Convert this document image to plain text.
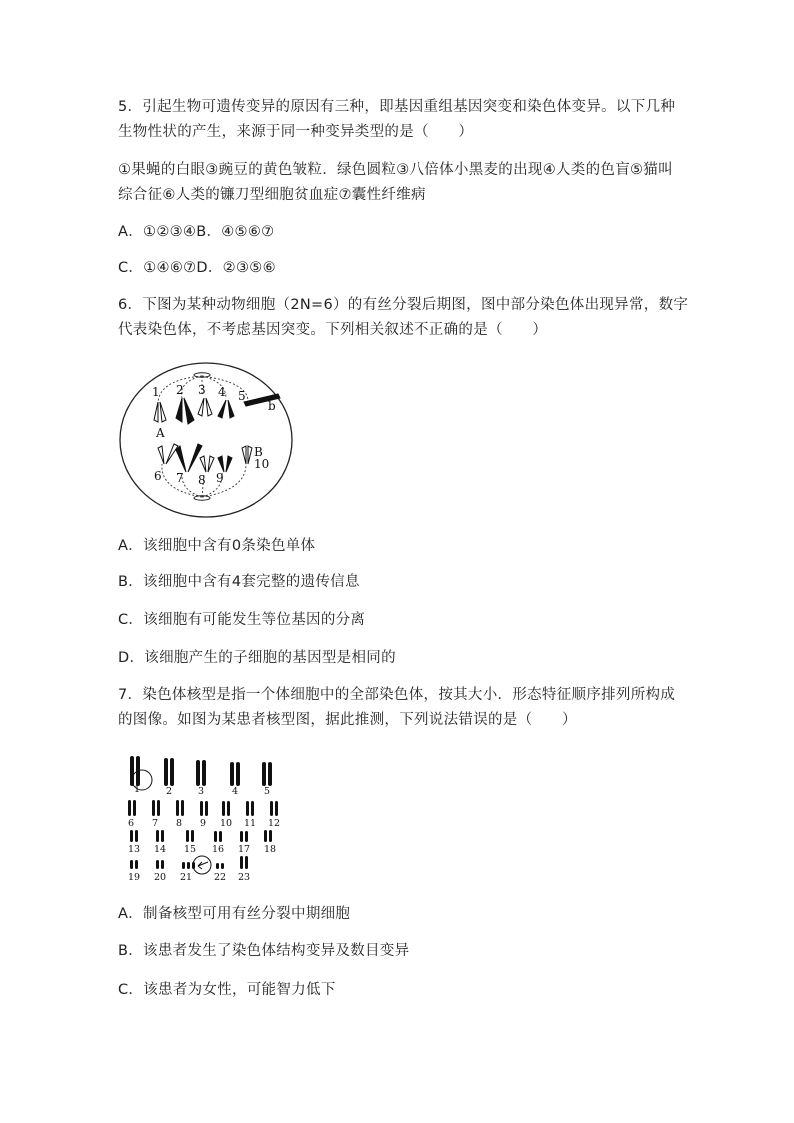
5．引起生物可遗传变异的原因有三种，即基因重组基因突变和染色体变异。以下几种
生物性状的产生，来源于同一种变异类型的是（　　）
①果蝇的白眼③豌豆的黄色皱粒．绿色圆粒③八倍体小黑麦的出现④人类的色盲⑤猫叫
综合征⑥人类的镰刀型细胞贫血症⑦囊性纤维病
A．①②③④B．④⑤⑥⑦
C．①④⑥⑦D．②③⑤⑥
6．下图为某种动物细胞（2N=6）的有丝分裂后期图，图中部分染色体出现异常，数字
代表染色体，不考虑基因突变。下列相关叙述不正确的是（　　）
1 2 3 4 5
6 7 8 9
10
A
B
b
A．该细胞中含有0条染色单体
B．该细胞中含有4套完整的遗传信息
C．该细胞有可能发生等位基因的分离
D．该细胞产生的子细胞的基因型是相同的
7．染色体核型是指一个体细胞中的全部染色体，按其大小．形态特征顺序排列所构成
的图像。如图为某患者核型图，据此推测，下列说法错误的是（　　）
1	2	3	4	5
6 7 8 9 10 11 12
13 14 15 16 17 18
19 20 21 22 23
A．制备核型可用有丝分裂中期细胞
B．该患者发生了染色体结构变异及数目变异
C．该患者为女性，可能智力低下
